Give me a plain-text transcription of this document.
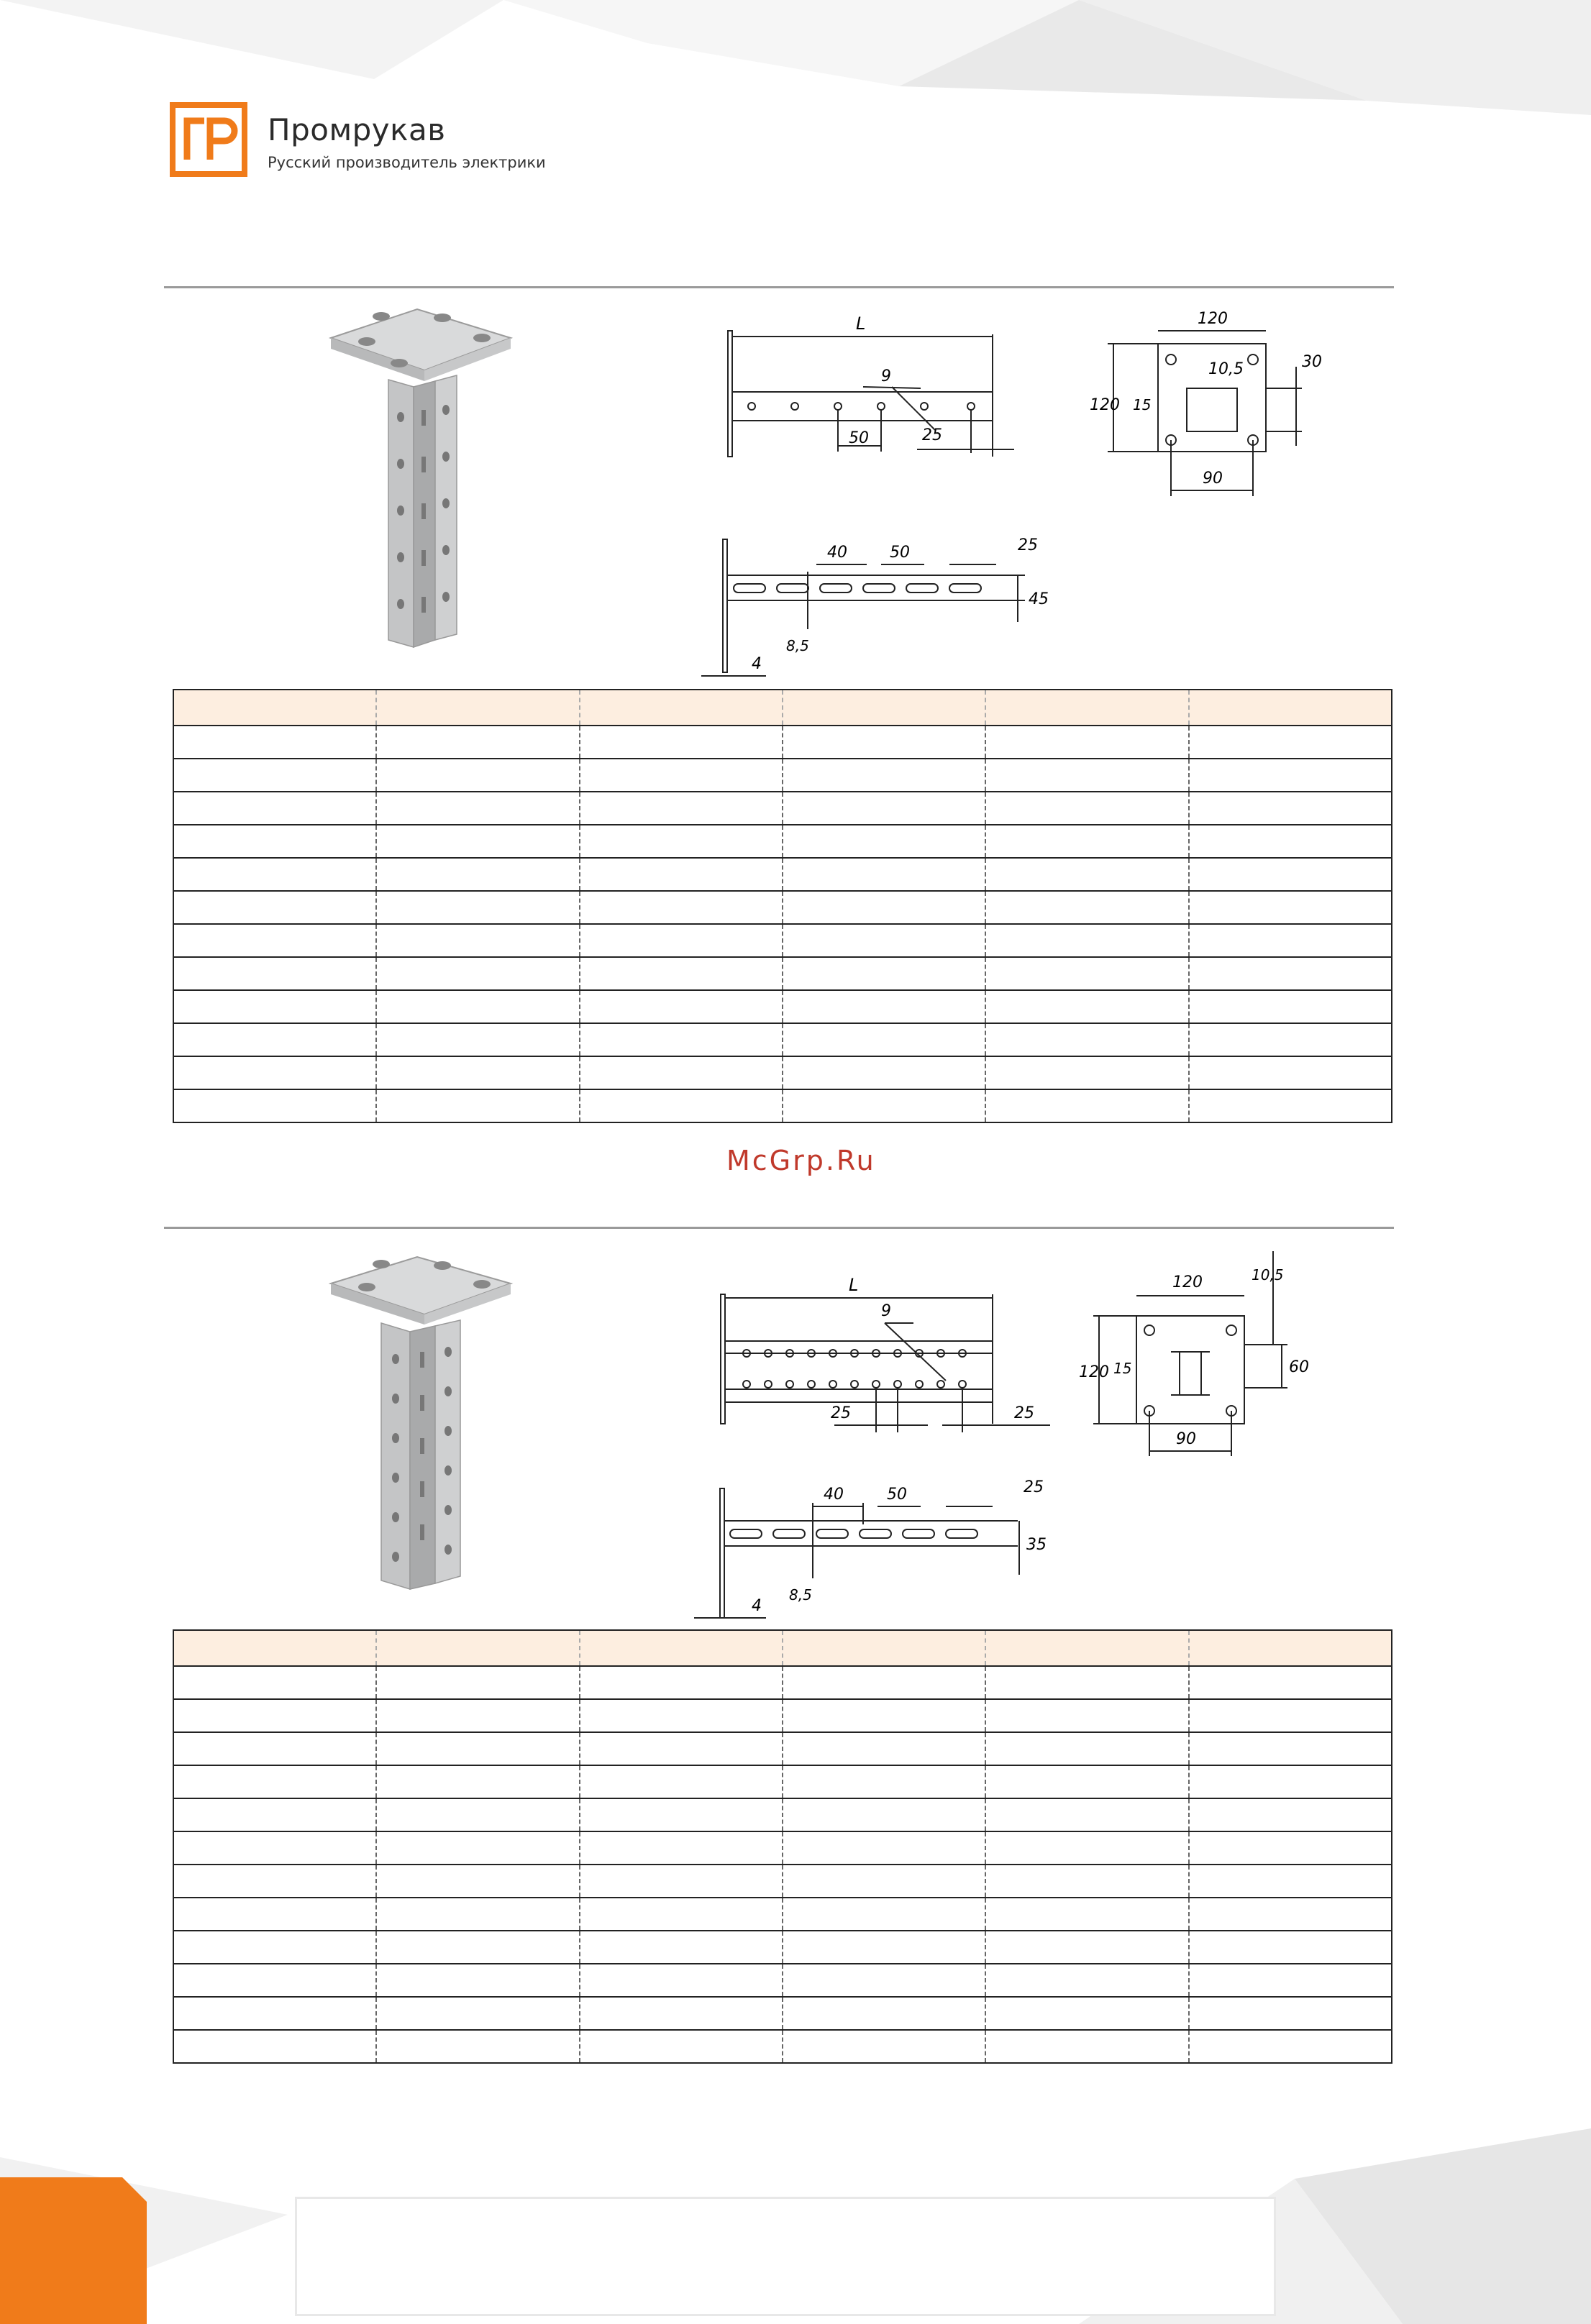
Промрукав
Русский производитель электрики
L
9
50	25
120
10,5
120 15
30
90
40	50	25
45
8,5
4

McGrp.Ru
L
9
25	25
120	10,5
120 15	60
90
40	50	25
35
8,5
4
